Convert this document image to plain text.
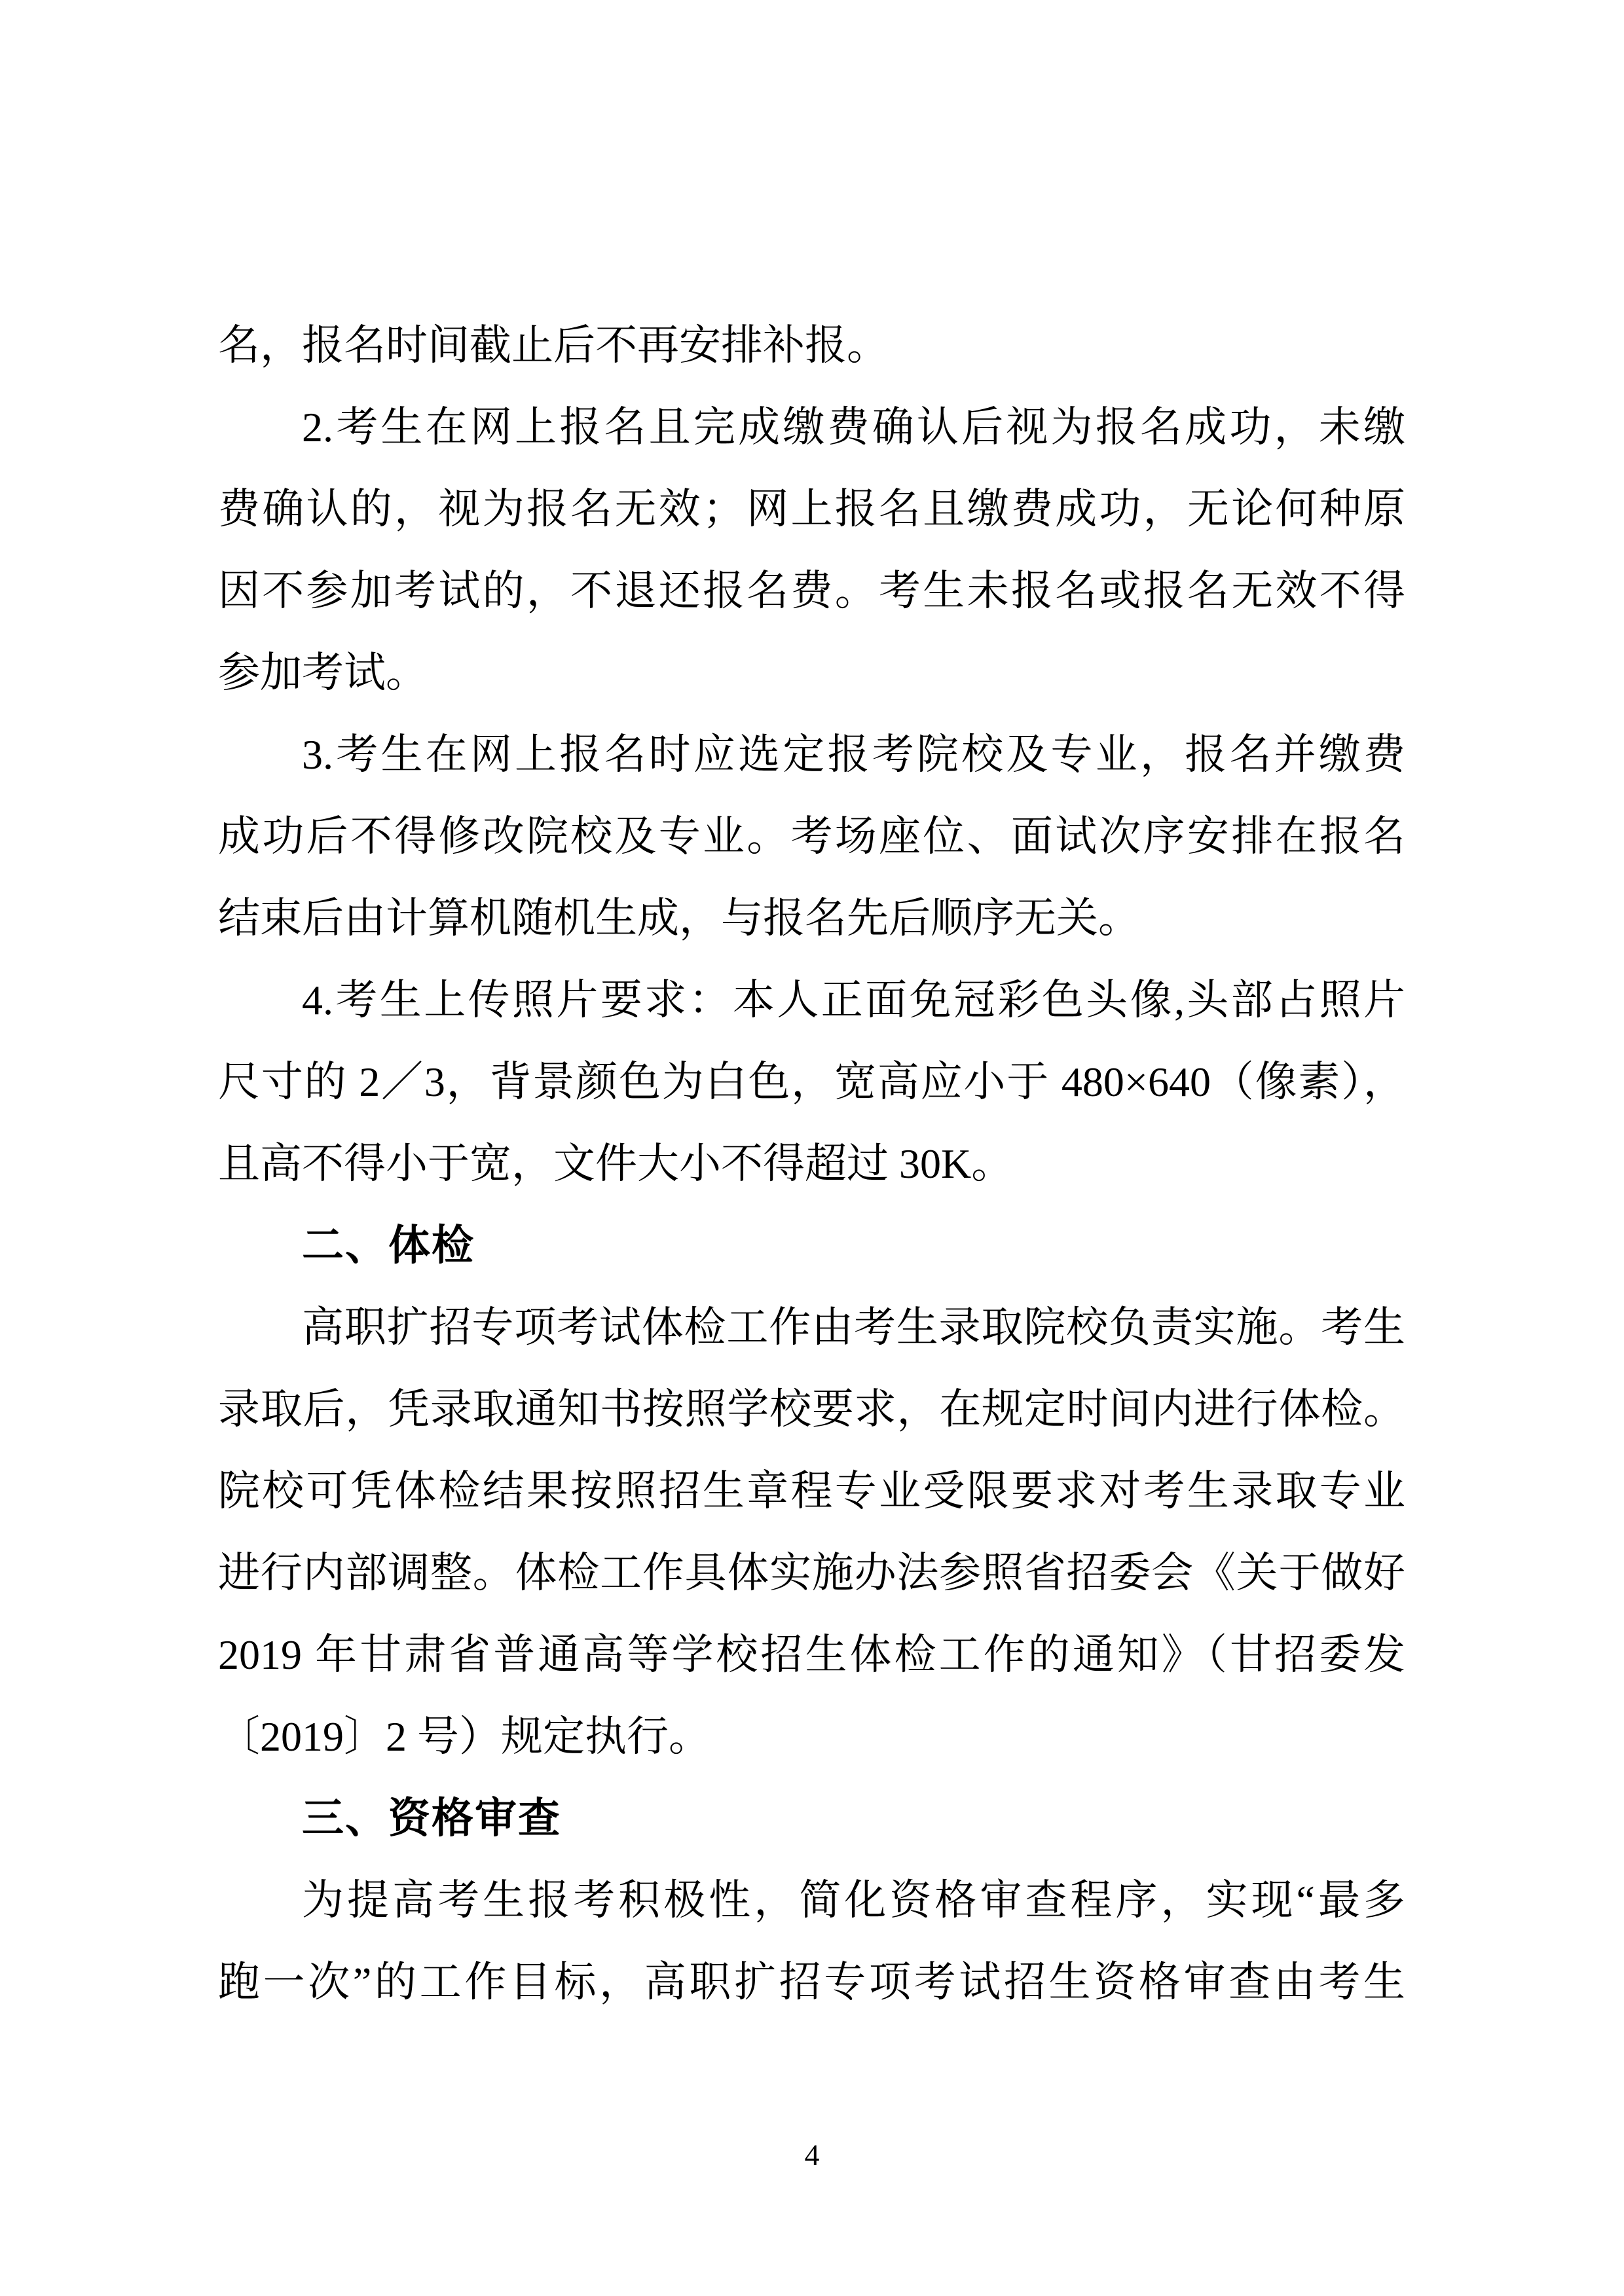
名，报名时间截止后不再安排补报。
2.考生在网上报名且完成缴费确认后视为报名成功，未缴
费确认的，视为报名无效；网上报名且缴费成功，无论何种原
因不参加考试的，不退还报名费。考生未报名或报名无效不得
参加考试。
3.考生在网上报名时应选定报考院校及专业，报名并缴费
成功后不得修改院校及专业。考场座位、面试次序安排在报名
结束后由计算机随机生成，与报名先后顺序无关。
4.考生上传照片要求：本人正面免冠彩色头像,头部占照片
尺寸的 2／3，背景颜色为白色，宽高应小于 480×640（像素），
且高不得小于宽，文件大小不得超过 30K。
二、体检
高职扩招专项考试体检工作由考生录取院校负责实施。考生
录取后，凭录取通知书按照学校要求，在规定时间内进行体检。
院校可凭体检结果按照招生章程专业受限要求对考生录取专业
进行内部调整。体检工作具体实施办法参照省招委会《关于做好
2019 年甘肃省普通高等学校招生体检工作的通知》（甘招委发
〔2019〕2 号）规定执行。
三、资格审查
为提高考生报考积极性，简化资格审查程序，实现“最多
跑一次”的工作目标，高职扩招专项考试招生资格审查由考生
4
